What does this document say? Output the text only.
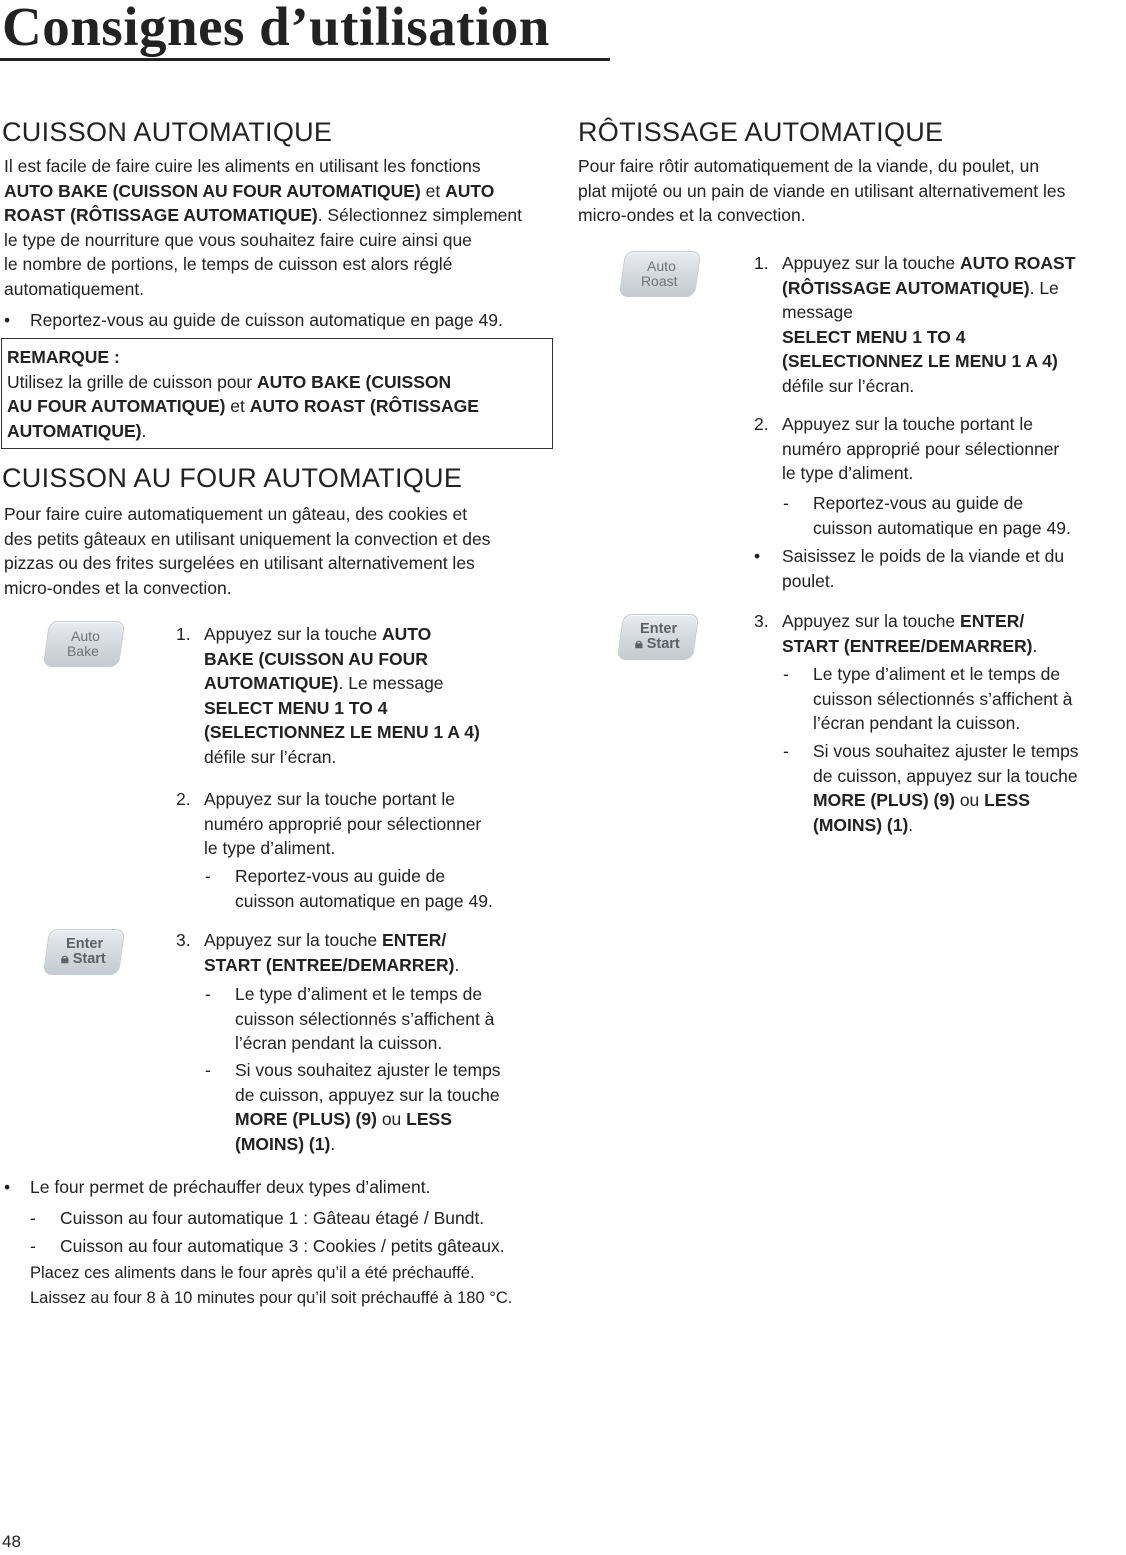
Consignes d’utilisation
CUISSON AUTOMATIQUE

Il est facile de faire cuire les aliments en utilisant les fonctions

AUTO BAKE (CUISSON AU FOUR AUTOMATIQUE) et AUTO

ROAST (RÔTISSAGE AUTOMATIQUE). Sélectionnez simplement

le type de nourriture que vous souhaitez faire cuire ainsi que

le nombre de portions, le temps de cuisson est alors réglé

automatiquement.

• Reportez-vous au guide de cuisson automatique en page 49.

REMARQUE :

Utilisez la grille de cuisson pour AUTO BAKE (CUISSON

AU FOUR AUTOMATIQUE) et AUTO ROAST (RÔTISSAGE

AUTOMATIQUE).

CUISSON AU FOUR AUTOMATIQUE

Pour faire cuire automatiquement un gâteau, des cookies et

des petits gâteaux en utilisant uniquement la convection et des

pizzas ou des frites surgelées en utilisant alternativement les

micro-ondes et la convection.

Auto
Bake
1. Appuyez sur la touche AUTO

BAKE (CUISSON AU FOUR

AUTOMATIQUE). Le message

SELECT MENU 1 TO 4

(SELECTIONNEZ LE MENU 1 A 4)

défile sur l’écran.

2. Appuyez sur la touche portant le

numéro approprié pour sélectionner

le type d’aliment.

- Reportez-vous au guide de

cuisson automatique en page 49.

Enter
🔒︎ Start
3. Appuyez sur la touche ENTER/

START (ENTREE/DEMARRER).

- Le type d’aliment et le temps de

cuisson sélectionnés s’affichent à

l’écran pendant la cuisson.

- Si vous souhaitez ajuster le temps

de cuisson, appuyez sur la touche

MORE (PLUS) (9) ou LESS

(MOINS) (1).

• Le four permet de préchauffer deux types d’aliment.
- Cuisson au four automatique 1 : Gâteau étagé / Bundt.
- Cuisson au four automatique 3 : Cookies / petits gâteaux.

Placez ces aliments dans le four après qu’il a été préchauffé.

Laissez au four 8 à 10 minutes pour qu’il soit préchauffé à 180 °C.

RÔTISSAGE AUTOMATIQUE

Pour faire rôtir automatiquement de la viande, du poulet, un

plat mijoté ou un pain de viande en utilisant alternativement les

micro-ondes et la convection.

Auto
Roast
1. Appuyez sur la touche AUTO ROAST

(RÔTISSAGE AUTOMATIQUE). Le

message

SELECT MENU 1 TO 4

(SELECTIONNEZ LE MENU 1 A 4)

défile sur l’écran.

2. Appuyez sur la touche portant le

numéro approprié pour sélectionner

le type d’aliment.

- Reportez-vous au guide de

cuisson automatique en page 49.

• Saisissez le poids de la viande et du

poulet.

Enter
🔒︎ Start
3. Appuyez sur la touche ENTER/

START (ENTREE/DEMARRER).

- Le type d’aliment et le temps de

cuisson sélectionnés s’affichent à

l’écran pendant la cuisson.

- Si vous souhaitez ajuster le temps

de cuisson, appuyez sur la touche

MORE (PLUS) (9) ou LESS

(MOINS) (1).

48
